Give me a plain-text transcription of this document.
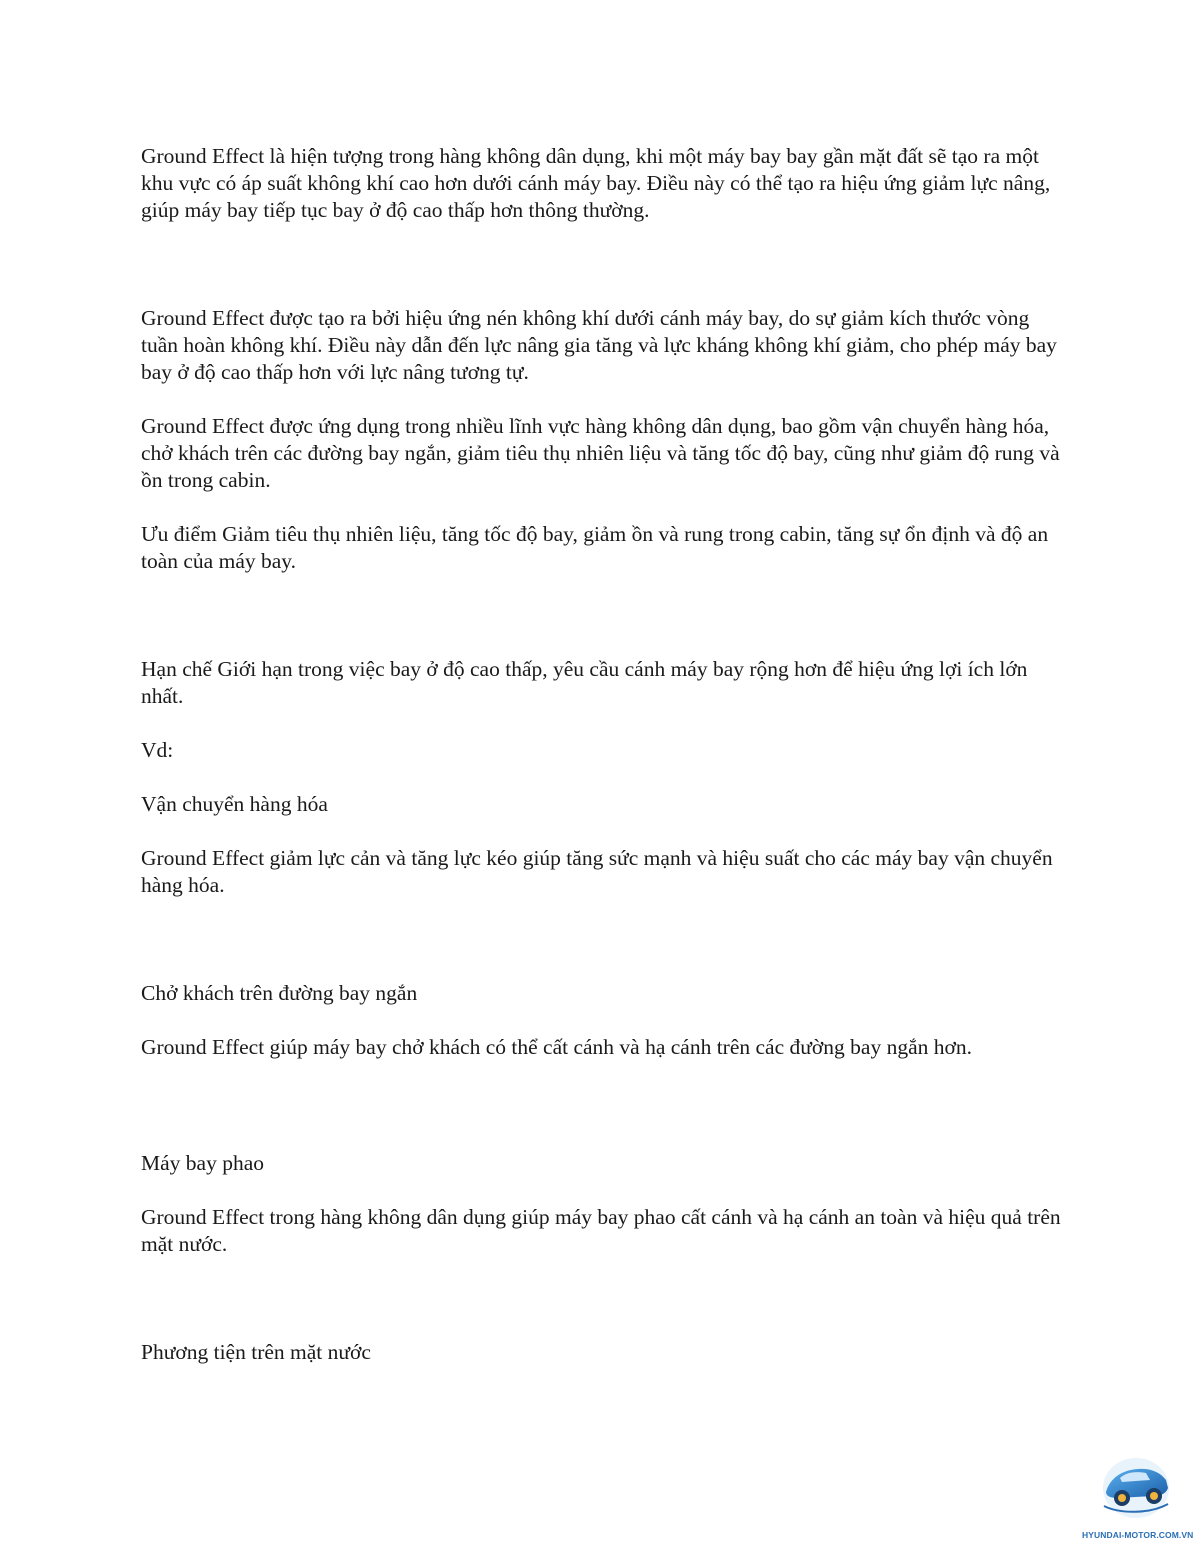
Ground Effect là hiện tượng trong hàng không dân dụng, khi một máy bay bay gần mặt đất sẽ tạo ra một khu vực có áp suất không khí cao hơn dưới cánh máy bay. Điều này có thể tạo ra hiệu ứng giảm lực nâng, giúp máy bay tiếp tục bay ở độ cao thấp hơn thông thường.

Ground Effect được tạo ra bởi hiệu ứng nén không khí dưới cánh máy bay, do sự giảm kích thước vòng tuần hoàn không khí. Điều này dẫn đến lực nâng gia tăng và lực kháng không khí giảm, cho phép máy bay bay ở độ cao thấp hơn với lực nâng tương tự.

Ground Effect được ứng dụng trong nhiều lĩnh vực hàng không dân dụng, bao gồm vận chuyển hàng hóa, chở khách trên các đường bay ngắn, giảm tiêu thụ nhiên liệu và tăng tốc độ bay, cũng như giảm độ rung và ồn trong cabin.

Ưu điểm Giảm tiêu thụ nhiên liệu, tăng tốc độ bay, giảm ồn và rung trong cabin, tăng sự ổn định và độ an toàn của máy bay.

Hạn chế Giới hạn trong việc bay ở độ cao thấp, yêu cầu cánh máy bay rộng hơn để hiệu ứng lợi ích lớn nhất.

Vd:

Vận chuyển hàng hóa

Ground Effect giảm lực cản và tăng lực kéo giúp tăng sức mạnh và hiệu suất cho các máy bay vận chuyển hàng hóa.

Chở khách trên đường bay ngắn

Ground Effect giúp máy bay chở khách có thể cất cánh và hạ cánh trên các đường bay ngắn hơn.

Máy bay phao

Ground Effect trong hàng không dân dụng giúp máy bay phao cất cánh và hạ cánh an toàn và hiệu quả trên mặt nước.

Phương tiện trên mặt nước

HYUNDAI-MOTOR.COM.VN
